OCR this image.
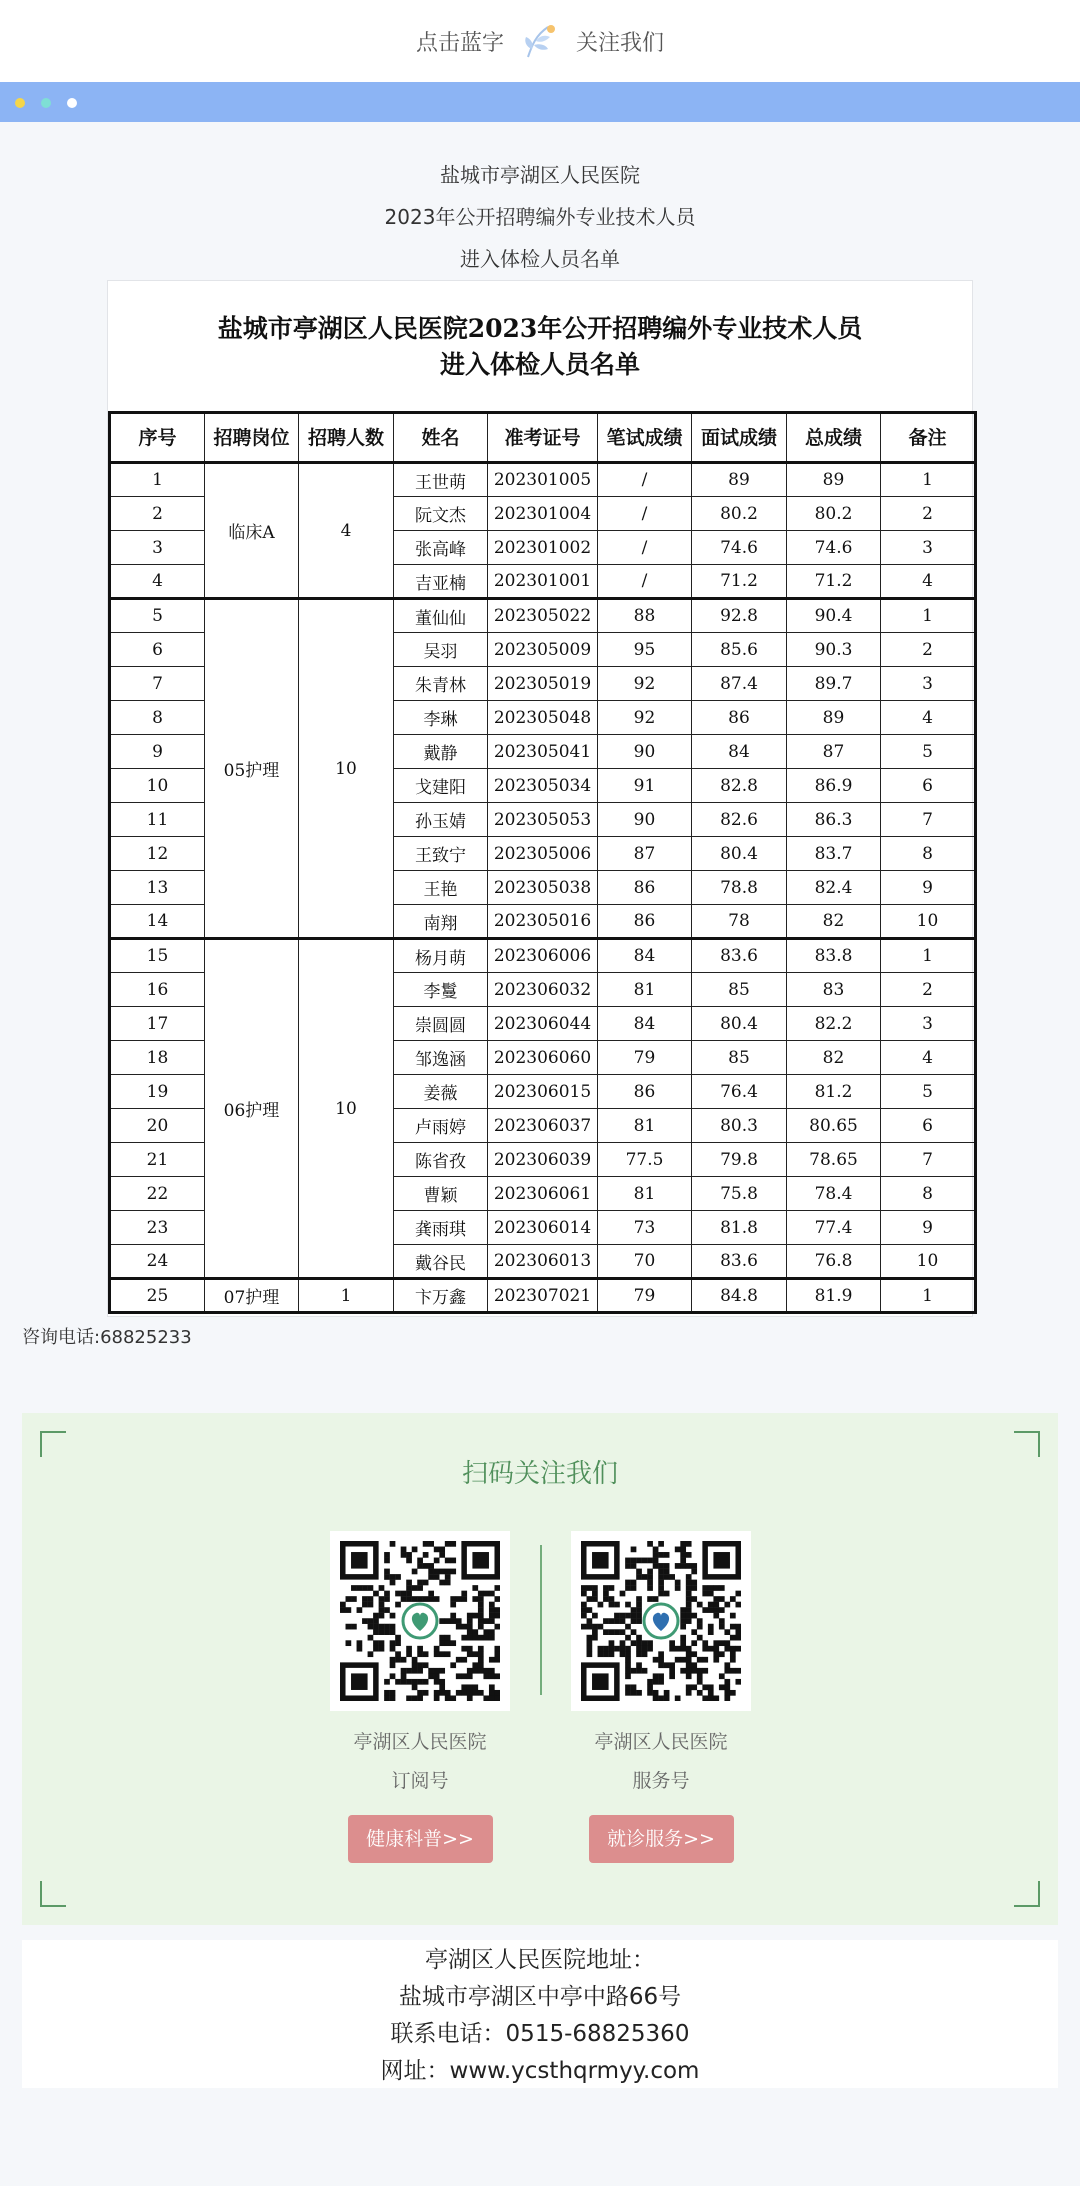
点击蓝字	关注我们
盐城市亭湖区人民医院
2023年公开招聘编外专业技术人员
进入体检人员名单
盐城市亭湖区人民医院2023年公开招聘编外专业技术人员
进入体检人员名单
序号	招聘岗位	招聘人数	姓名	准考证号	笔试成绩	面试成绩	总成绩	备注
1	临床A	4	王世萌	202301005	/	89	89	1
2			阮文杰	202301004	/	80.2	80.2	2
3			张高峰	202301002	/	74.6	74.6	3
4			吉亚楠	202301001	/	71.2	71.2	4
5	05护理	10	董仙仙	202305022	88	92.8	90.4	1
6			吴羽	202305009	95	85.6	90.3	2
7			朱青林	202305019	92	87.4	89.7	3
8			李琳	202305048	92	86	89	4
9			戴静	202305041	90	84	87	5
10			戈建阳	202305034	91	82.8	86.9	6
11			孙玉婧	202305053	90	82.6	86.3	7
12			王致宁	202305006	87	80.4	83.7	8
13			王艳	202305038	86	78.8	82.4	9
14			南翔	202305016	86	78	82	10
15	06护理	10	杨月萌	202306006	84	83.6	83.8	1
16			李鬘	202306032	81	85	83	2
17			崇圆圆	202306044	84	80.4	82.2	3
18			邹逸涵	202306060	79	85	82	4
19			姜薇	202306015	86	76.4	81.2	5
20			卢雨婷	202306037	81	80.3	80.65	6
21			陈省孜	202306039	77.5	79.8	78.65	7
22			曹颖	202306061	81	75.8	78.4	8
23			龚雨琪	202306014	73	81.8	77.4	9
24			戴谷民	202306013	70	83.6	76.8	10
25	07护理	1	卞万鑫	202307021	79	84.8	81.9	1
咨询电话:68825233
扫码关注我们
亭湖区人民医院
订阅号
健康科普>>
亭湖区人民医院
服务号
就诊服务>>
亭湖区人民医院地址：
盐城市亭湖区中亭中路66号
联系电话：0515-68825360
网址：www.ycsthqrmyy.com
